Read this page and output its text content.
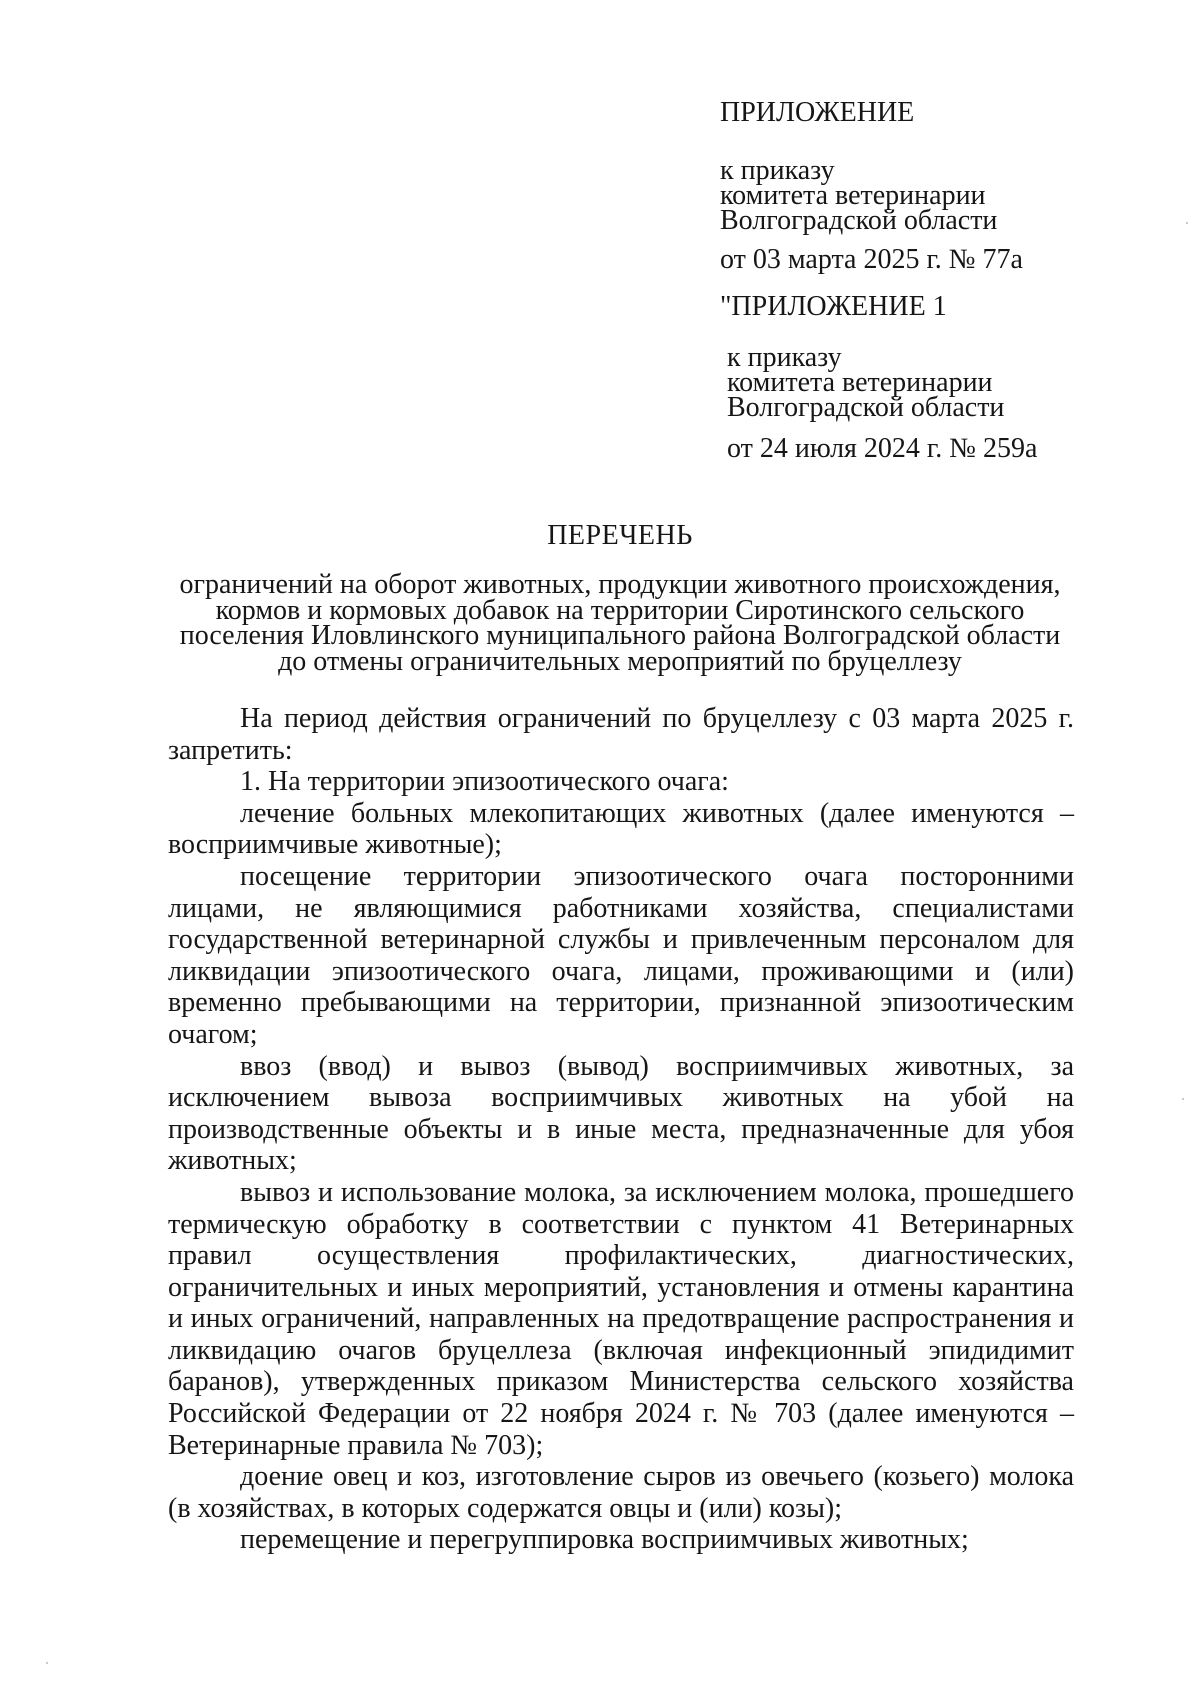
ПРИЛОЖЕНИЕ
к приказу
комитета ветеринарии
Волгоградской области
от 03 марта 2025 г. № 77а
"ПРИЛОЖЕНИЕ 1
к приказу
комитета ветеринарии
Волгоградской области
от 24 июля 2024 г. № 259а
ПЕРЕЧЕНЬ
ограничений на оборот животных, продукции животного происхождения,
кормов и кормовых добавок на территории Сиротинского сельского
поселения Иловлинского муниципального района Волгоградской области
до отмены ограничительных мероприятий по бруцеллезу

На период действия ограничений по бруцеллезу с 03 марта 2025 г. запретить:

1. На территории эпизоотического очага:

лечение больных млекопитающих животных (далее именуются – восприимчивые животные);

посещение территории эпизоотического очага посторонними лицами, не являющимися работниками хозяйства, специалистами государственной ветеринарной службы и привлеченным персоналом для ликвидации эпизоотического очага, лицами, проживающими и (или) временно пребывающими на территории, признанной эпизоотическим очагом;

ввоз (ввод) и вывоз (вывод) восприимчивых животных, за исключением вывоза восприимчивых животных на убой на производственные объекты и в иные места, предназначенные для убоя животных;

вывоз и использование молока, за исключением молока, прошедшего термическую обработку в соответствии с пунктом 41 Ветеринарных правил осуществления профилактических, диагностических, ограничительных и иных мероприятий, установления и отмены карантина и иных ограничений, направленных на предотвращение распространения и ликвидацию очагов бруцеллеза (включая инфекционный эпидидимит баранов), утвержденных приказом Министерства сельского хозяйства Российской Федерации от 22 ноября 2024 г. № 703 (далее именуются – Ветеринарные правила № 703);

доение овец и коз, изготовление сыров из овечьего (козьего) молока (в хозяйствах, в которых содержатся овцы и (или) козы);

перемещение и перегруппировка восприимчивых животных;
